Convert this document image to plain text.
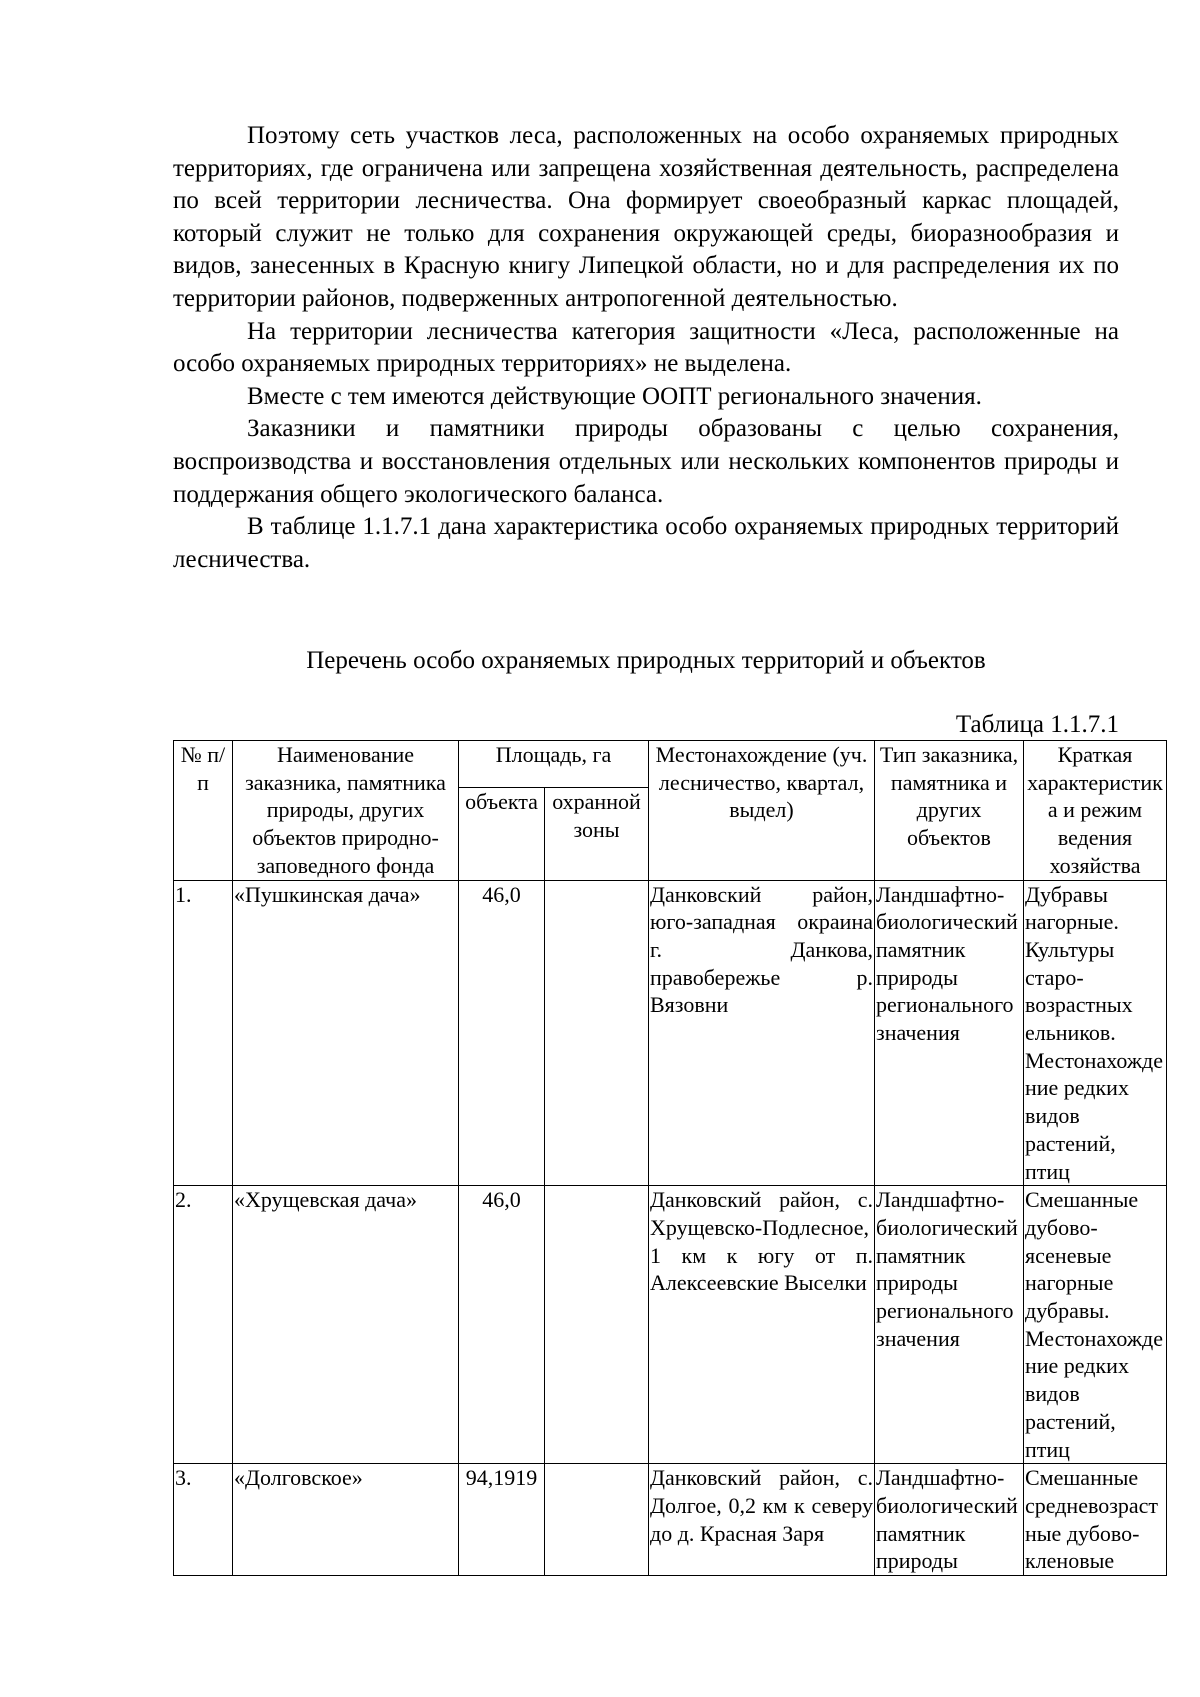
Поэтому сеть участков леса, расположенных на особо охраняемых природных территориях, где ограничена или запрещена хозяйственная деятельность, распределена по всей территории лесничества. Она формирует своеобразный каркас площадей, который служит не только для сохранения окружающей среды, биоразнообразия и видов, занесенных в Красную книгу Липецкой области, но и для распределения их по территории районов, подверженных антропогенной деятельностью.

На территории лесничества категория защитности «Леса, расположенные на особо охраняемых природных территориях» не выделена.

Вместе с тем имеются действующие ООПТ регионального значения.

Заказники и памятники природы образованы с целью сохранения, воспроизводства и восстановления отдельных или нескольких компонентов природы и поддержания общего экологического баланса.

В таблице 1.1.7.1 дана характеристика особо охраняемых природных территорий лесничества.

Перечень особо охраняемых природных территорий и объектов

Таблица 1.1.7.1

№ п/п	Наименование заказника, памятника природы, других объектов природно-заповедного фонда	Площадь, га		Местонахождение (уч. лесничество, квартал, выдел)	Тип заказника, памятника и других объектов	Краткая характеристика и режим ведения хозяйства
		объекта	охранной зоны			
1.	«Пушкинская дача»	46,0		Данковский район, юго-западная окраина г. Данкова, правобережье р. Вязовни	Ландшафтно-биологический памятник природы регионального значения	Дубравы нагорные. Культуры старо-возрастных ельников. Местонахождение редких видов растений, птиц
2.	«Хрущевская дача»	46,0		Данковский район, с. Хрущевско-Подлесное, 1 км к югу от п. Алексеевские Выселки	Ландшафтно-биологический памятник природы регионального значения	Смешанные дубово-ясеневые нагорные дубравы. Местонахождение редких видов растений, птиц
3.	«Долговское»	94,1919		Данковский район, с. Долгое, 0,2 км к северу до д. Красная Заря	Ландшафтно-биологический памятник природы	Смешанные средневозрастные дубово-кленовые
